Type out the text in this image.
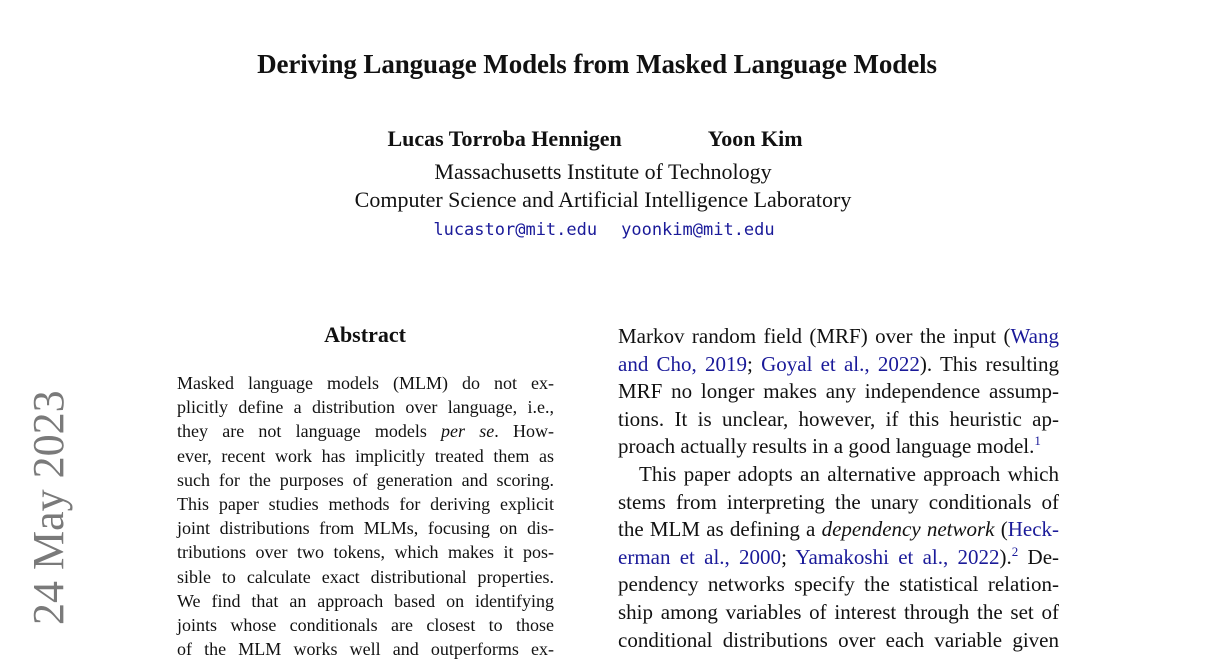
24 May 2023
Deriving Language Models from Masked Language Models
Lucas Torroba Hennigen	Yoon Kim
Massachusetts Institute of Technology
Computer Science and Artificial Intelligence Laboratory
lucastor@mit.edu yoonkim@mit.edu
Abstract
Masked language models (MLM) do not ex-
plicitly define a distribution over language, i.e.,
they are not language models per se. How-
ever, recent work has implicitly treated them as
such for the purposes of generation and scoring.
This paper studies methods for deriving explicit
joint distributions from MLMs, focusing on dis-
tributions over two tokens, which makes it pos-
sible to calculate exact distributional properties.
We find that an approach based on identifying
joints whose conditionals are closest to those
of the MLM works well and outperforms ex-
Markov random field (MRF) over the input (Wang
and Cho, 2019; Goyal et al., 2022). This resulting
MRF no longer makes any independence assump-
tions. It is unclear, however, if this heuristic ap-
proach actually results in a good language model.$^1$
This paper adopts an alternative approach which
stems from interpreting the unary conditionals of
the MLM as defining a dependency network (Heck-
erman et al., 2000; Yamakoshi et al., 2022).$^2$ De-
pendency networks specify the statistical relation-
ship among variables of interest through the set of
conditional distributions over each variable given
